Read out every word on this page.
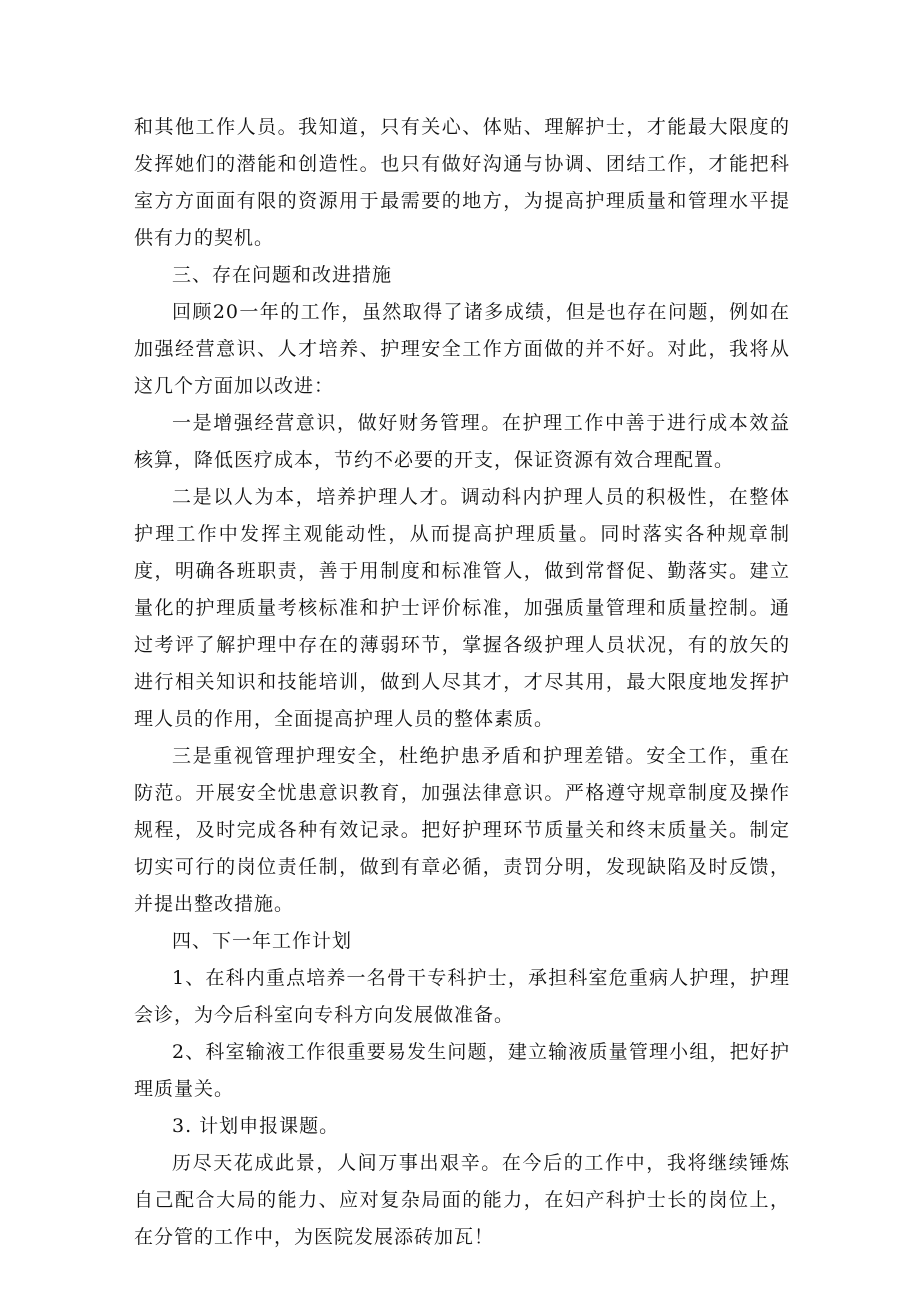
和其他工作人员。我知道，只有关心、体贴、理解护士，才能最大限度的发挥她们的潜能和创造性。也只有做好沟通与协调、团结工作，才能把科室方方面面有限的资源用于最需要的地方，为提高护理质量和管理水平提供有力的契机。

三、存在问题和改进措施

回顾20一年的工作，虽然取得了诸多成绩，但是也存在问题，例如在加强经营意识、人才培养、护理安全工作方面做的并不好。对此，我将从这几个方面加以改进：

一是增强经营意识，做好财务管理。在护理工作中善于进行成本效益核算，降低医疗成本，节约不必要的开支，保证资源有效合理配置。

二是以人为本，培养护理人才。调动科内护理人员的积极性，在整体护理工作中发挥主观能动性，从而提高护理质量。同时落实各种规章制度，明确各班职责，善于用制度和标准管人，做到常督促、勤落实。建立量化的护理质量考核标准和护士评价标准，加强质量管理和质量控制。通过考评了解护理中存在的薄弱环节，掌握各级护理人员状况，有的放矢的进行相关知识和技能培训，做到人尽其才，才尽其用，最大限度地发挥护理人员的作用，全面提高护理人员的整体素质。

三是重视管理护理安全，杜绝护患矛盾和护理差错。安全工作，重在防范。开展安全忧患意识教育，加强法律意识。严格遵守规章制度及操作规程，及时完成各种有效记录。把好护理环节质量关和终末质量关。制定切实可行的岗位责任制，做到有章必循，责罚分明，发现缺陷及时反馈，并提出整改措施。

四、下一年工作计划

1、在科内重点培养一名骨干专科护士，承担科室危重病人护理，护理会诊，为今后科室向专科方向发展做准备。

2、科室输液工作很重要易发生问题，建立输液质量管理小组，把好护理质量关。

3. 计划申报课题。

历尽天花成此景，人间万事出艰辛。在今后的工作中，我将继续锤炼自己配合大局的能力、应对复杂局面的能力，在妇产科护士长的岗位上，在分管的工作中，为医院发展添砖加瓦！
